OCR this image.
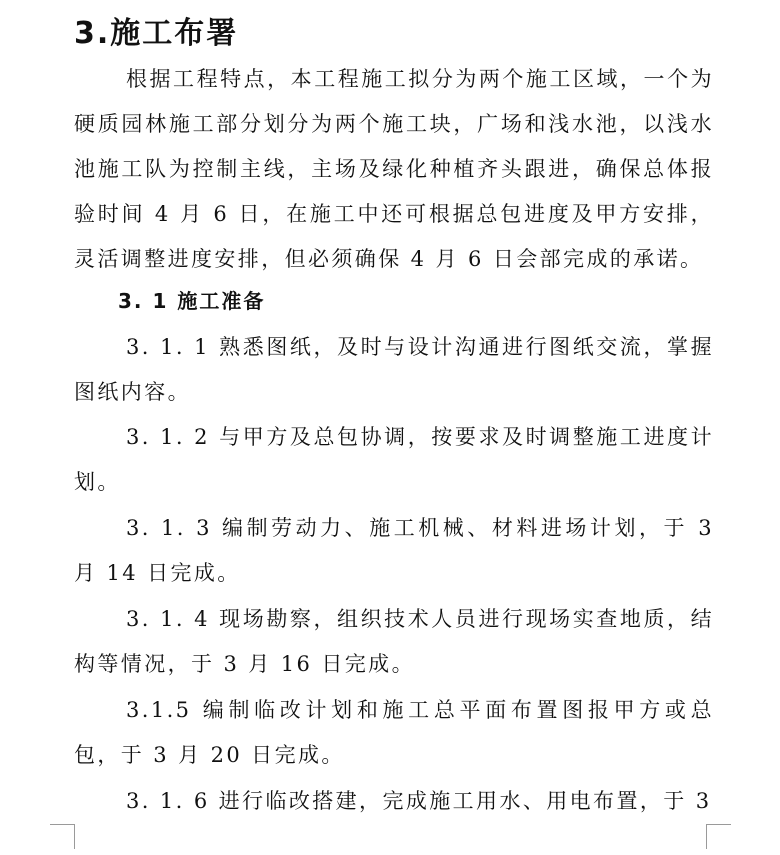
3.施工布署

根据工程特点，本工程施工拟分为两个施工区域，一个为硬质园林施工部分划分为两个施工块，广场和浅水池，以浅水池施工队为控制主线，主场及绿化种植齐头跟进，确保总体报验时间 4 月 6 日，在施工中还可根据总包进度及甲方安排，灵活调整进度安排，但必须确保 4 月 6 日会部完成的承诺。

3. 1 施工准备

3. 1. 1 熟悉图纸，及时与设计沟通进行图纸交流，掌握图纸内容。

3. 1. 2 与甲方及总包协调，按要求及时调整施工进度计划。

3. 1. 3 编制劳动力、施工机械、材料进场计划，于 3 月 14 日完成。

3. 1. 4 现场勘察，组织技术人员进行现场实查地质，结构等情况，于 3 月 16 日完成。

3.1.5 编制临改计划和施工总平面布置图报甲方或总包，于 3 月 20 日完成。

3. 1. 6 进行临改搭建，完成施工用水、用电布置，于 3
